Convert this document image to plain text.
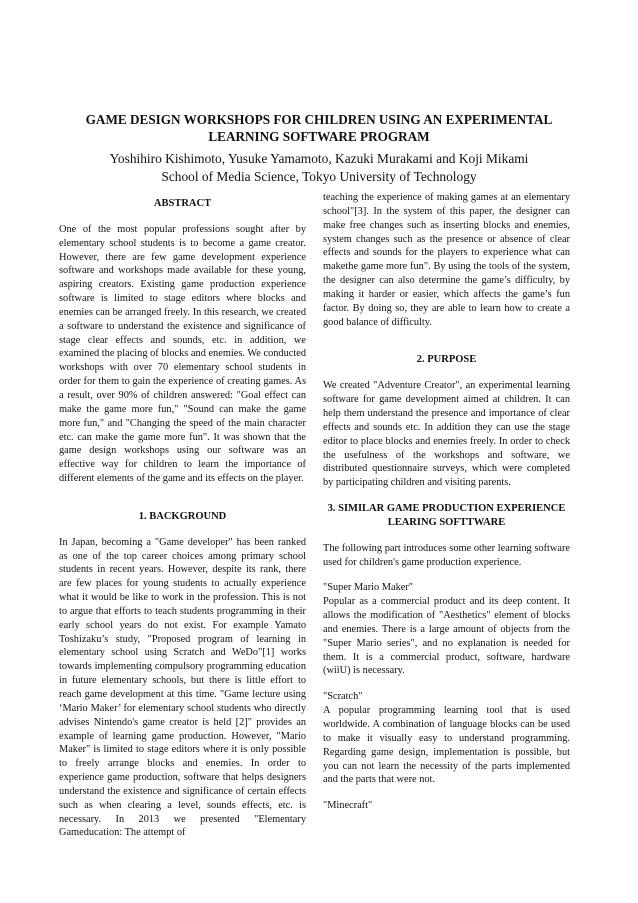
GAME DESIGN WORKSHOPS FOR CHILDREN USING AN EXPERIMENTAL
LEARNING SOFTWARE PROGRAM
Yoshihiro Kishimoto, Yusuke Yamamoto, Kazuki Murakami and Koji Mikami
School of Media Science, Tokyo University of Technology
ABSTRACT

One of the most popular professions sought after by elementary school students is to become a game creator. However, there are few game development experience software and workshops made available for these young, aspiring creators. Existing game production experience software is limited to stage editors where blocks and enemies can be arranged freely. In this research, we created a software to understand the existence and significance of stage clear effects and sounds, etc. in addition, we examined the placing of blocks and enemies. We conducted workshops with over 70 elementary school students in order for them to gain the experience of creating games. As a result, over 90% of children answered: "Goal effect can make the game more fun," "Sound can make the game more fun," and "Changing the speed of the main character etc. can make the game more fun". It was shown that the game design workshops using our software was an effective way for children to learn the importance of different elements of the game and its effects on the player.

1. BACKGROUND

In Japan, becoming a "Game developer" has been ranked as one of the top career choices among primary school students in recent years. However, despite its rank, there are few places for young students to actually experience what it would be like to work in the profession. This is not to argue that efforts to teach students programming in their early school years do not exist. For example Yamato Toshizaku’s study, "Proposed program of learning in elementary school using Scratch and WeDo"[1] works towards implementing compulsory programming education in future elementary schools, but there is little effort to reach game development at this time. "Game lecture using ‘Mario Maker’ for elementary school students who directly advises Nintendo's game creator is held [2]" provides an example of learning game production. However, "Mario Maker" is limited to stage editors where it is only possible to freely arrange blocks and enemies. In order to experience game production, software that helps designers understand the existence and significance of certain effects such as when clearing a level, sounds effects, etc. is necessary. In 2013 we presented "Elementary Gameducation: The attempt of

teaching the experience of making games at an elementary school"[3]. In the system of this paper, the designer can make free changes such as inserting blocks and enemies, system changes such as the presence or absence of clear effects and sounds for the players to experience what can makethe game more fun". By using the tools of the system, the designer can also determine the game’s difficulty, by making it harder or easier, which affects the game’s fun factor. By doing so, they are able to learn how to create a good balance of difficulty.

2. PURPOSE

We created "Adventure Creator", an experimental learning software for game development aimed at children. It can help them understand the presence and importance of clear effects and sounds etc. In addition they can use the stage editor to place blocks and enemies freely. In order to check the usefulness of the workshops and software, we distributed questionnaire surveys, which were completed by participating children and visiting parents.

3. SIMILAR GAME PRODUCTION EXPERIENCE
LEARING SOFTTWARE

The following part introduces some other learning software used for children's game production experience.

"Super Mario Maker"

Popular as a commercial product and its deep content. It allows the modification of "Aesthetics" element of blocks and enemies. There is a large amount of objects from the "Super Mario series", and no explanation is needed for them. It is a commercial product, software, hardware (wiiU) is necessary.

"Scratch"

A popular programming learning tool that is used worldwide. A combination of language blocks can be used to make it visually easy to understand programming. Regarding game design, implementation is possible, but you can not learn the necessity of the parts implemented and the parts that were not.

"Minecraft"
